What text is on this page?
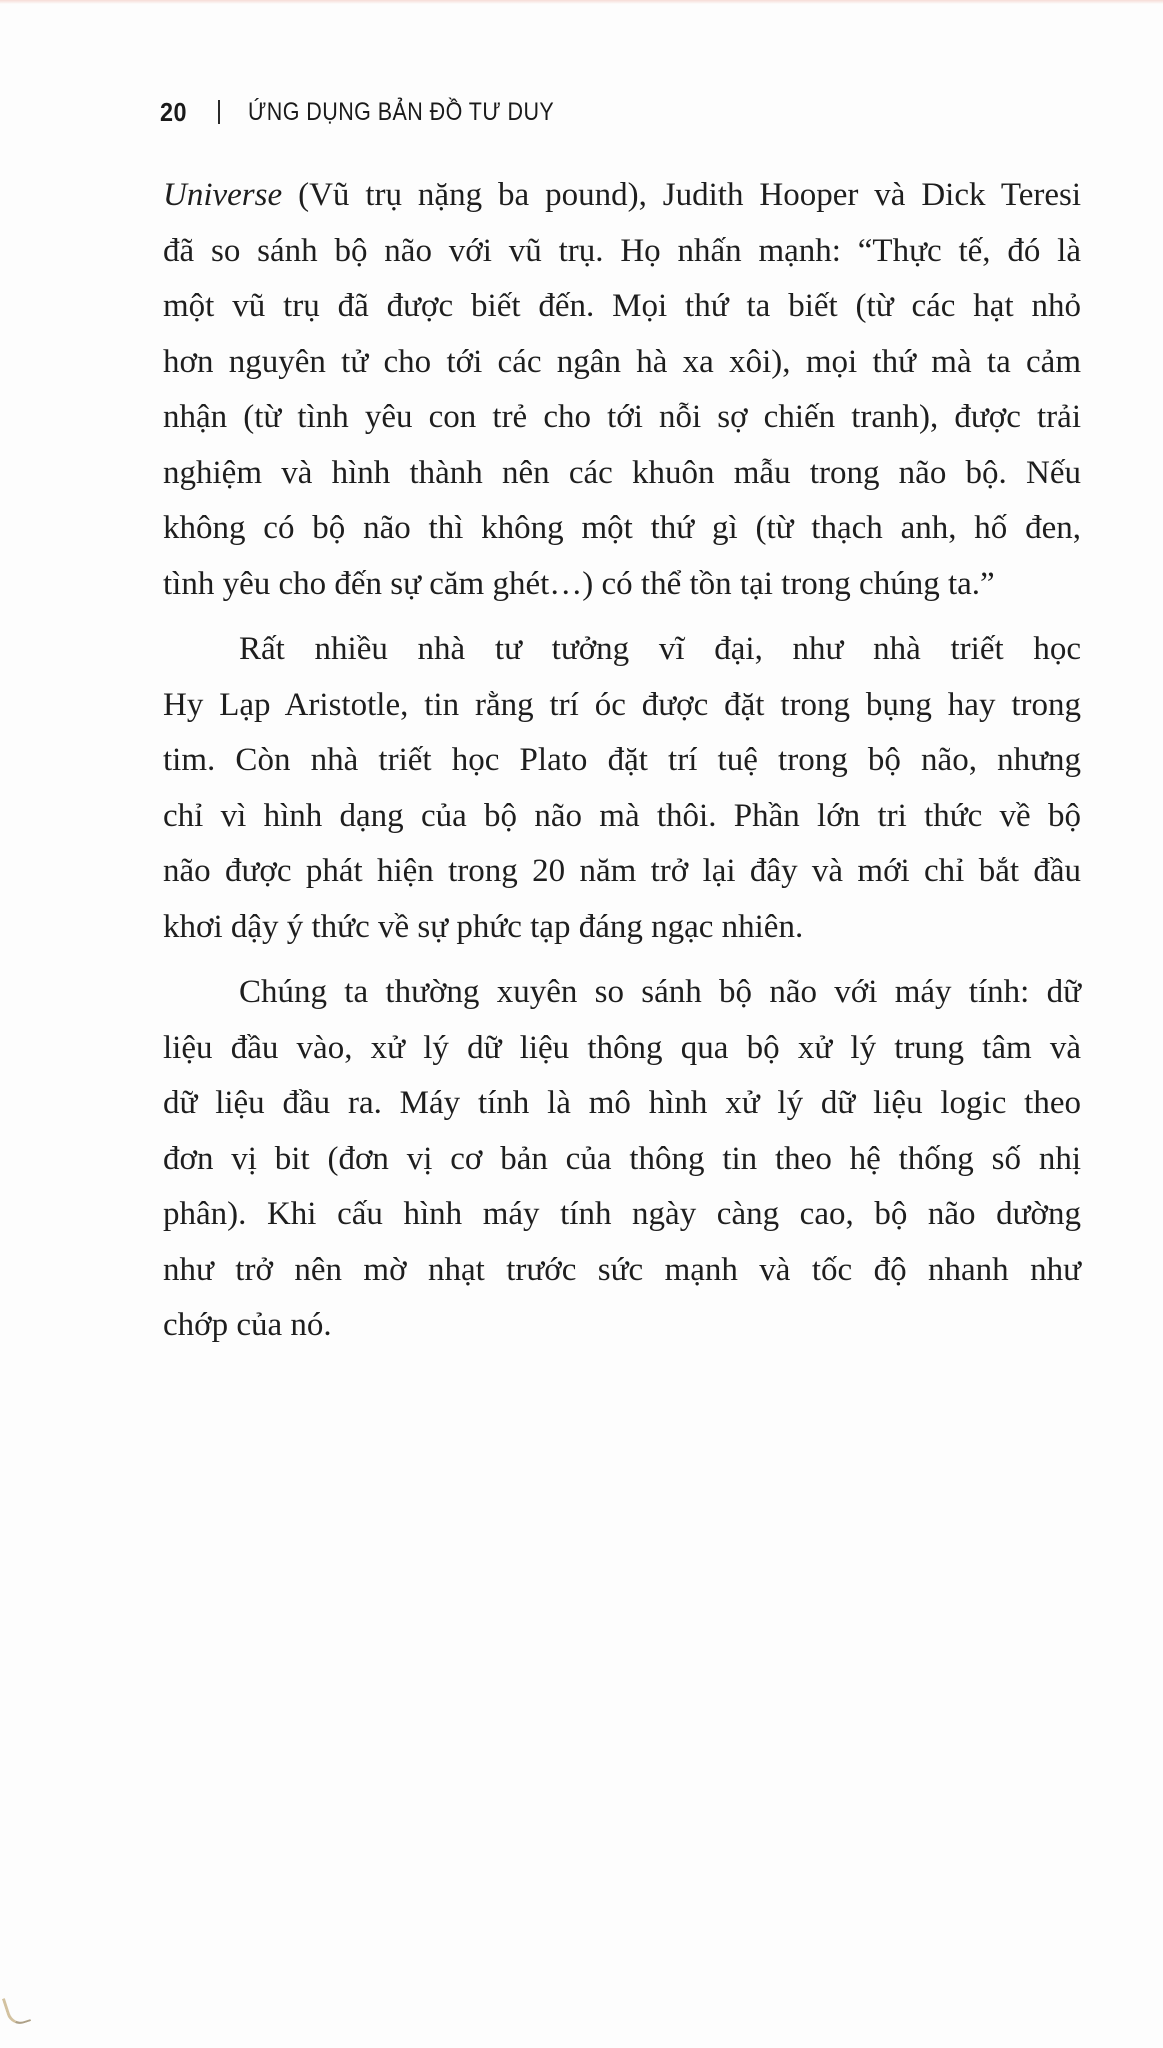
20 ỨNG DỤNG BẢN ĐỒ TƯ DUY

Universe (Vũ trụ nặng ba pound), Judith Hooper và Dick Teresi
đã so sánh bộ não với vũ trụ. Họ nhấn mạnh: “Thực tế, đó là
một vũ trụ đã được biết đến. Mọi thứ ta biết (từ các hạt nhỏ
hơn nguyên tử cho tới các ngân hà xa xôi), mọi thứ mà ta cảm
nhận (từ tình yêu con trẻ cho tới nỗi sợ chiến tranh), được trải
nghiệm và hình thành nên các khuôn mẫu trong não bộ. Nếu
không có bộ não thì không một thứ gì (từ thạch anh, hố đen,
tình yêu cho đến sự căm ghét…) có thể tồn tại trong chúng ta.”

Rất nhiều nhà tư tưởng vĩ đại, như nhà triết học
Hy Lạp Aristotle, tin rằng trí óc được đặt trong bụng hay trong
tim. Còn nhà triết học Plato đặt trí tuệ trong bộ não, nhưng
chỉ vì hình dạng của bộ não mà thôi. Phần lớn tri thức về bộ
não được phát hiện trong 20 năm trở lại đây và mới chỉ bắt đầu
khơi dậy ý thức về sự phức tạp đáng ngạc nhiên.

Chúng ta thường xuyên so sánh bộ não với máy tính: dữ
liệu đầu vào, xử lý dữ liệu thông qua bộ xử lý trung tâm và
dữ liệu đầu ra. Máy tính là mô hình xử lý dữ liệu logic theo
đơn vị bit (đơn vị cơ bản của thông tin theo hệ thống số nhị
phân). Khi cấu hình máy tính ngày càng cao, bộ não dường
như trở nên mờ nhạt trước sức mạnh và tốc độ nhanh như
chớp của nó.
